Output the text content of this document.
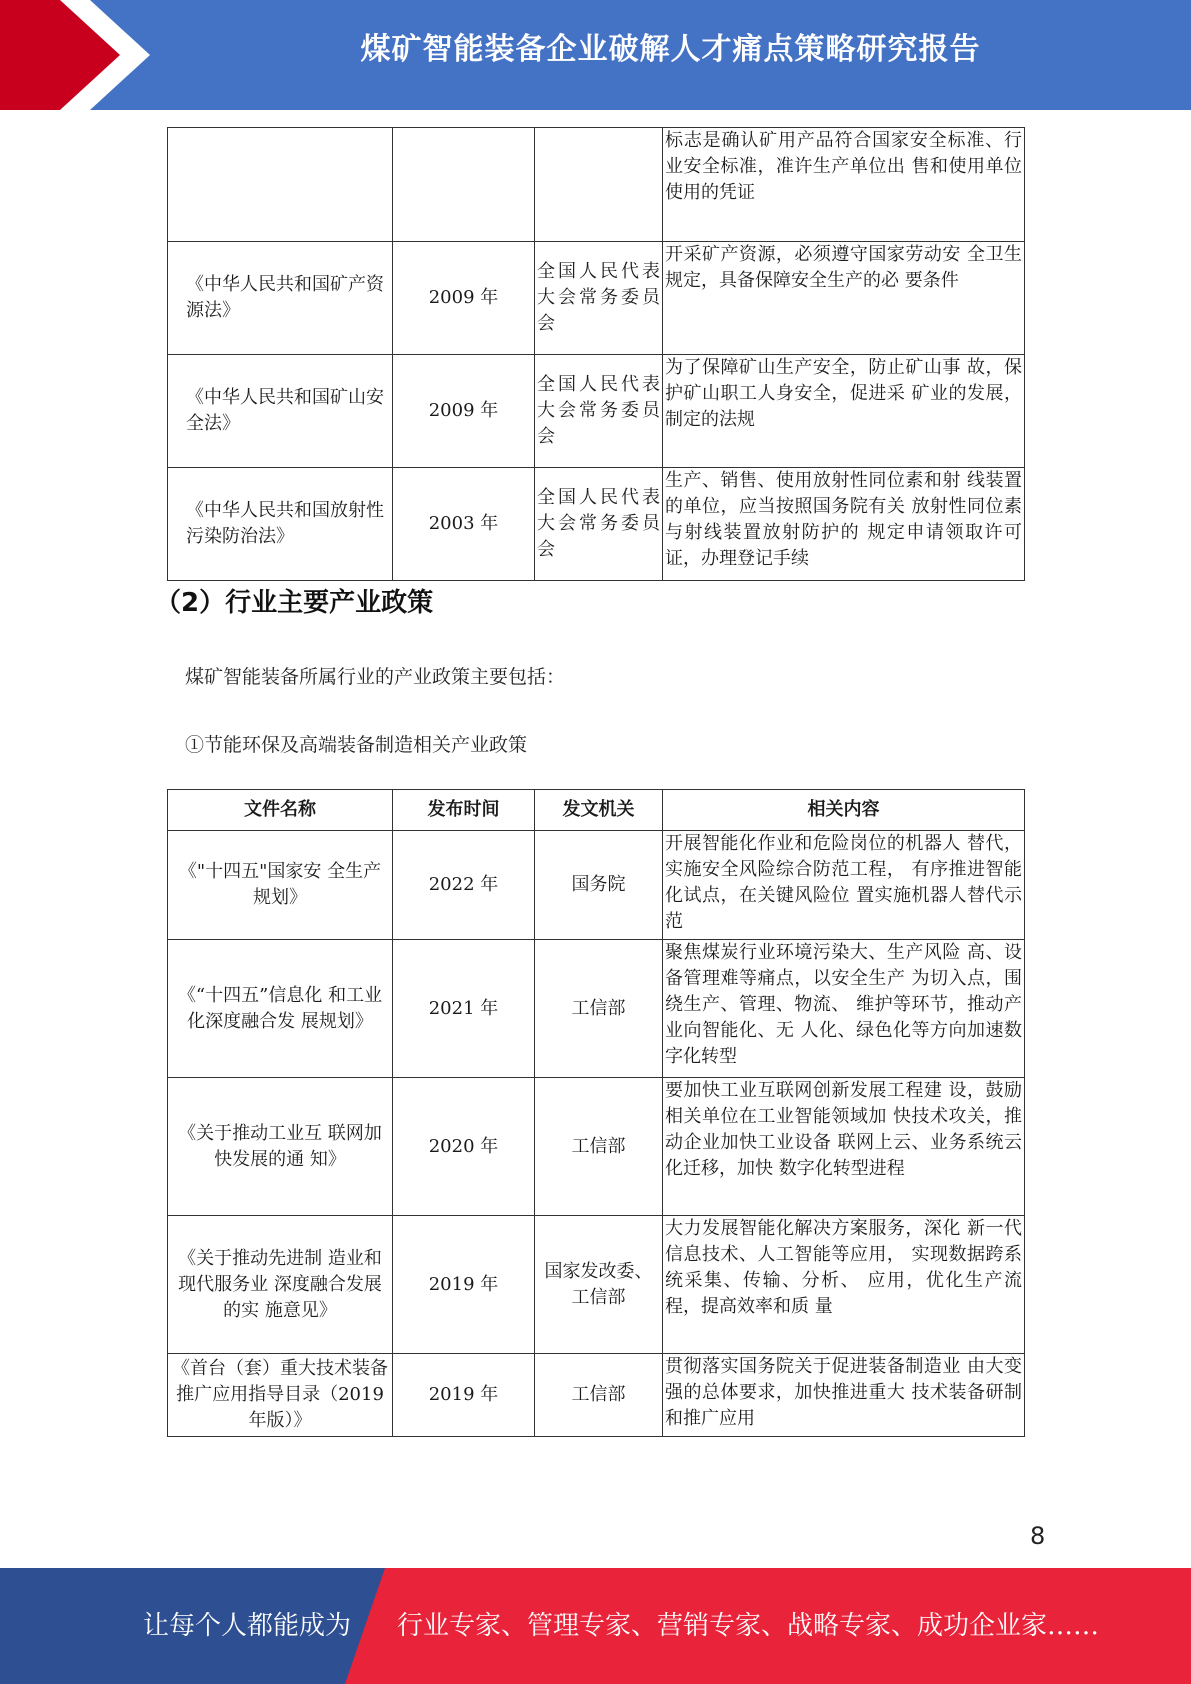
煤矿智能装备企业破解人才痛点策略研究报告
			标志是确认矿用产品符合国家安全标准、行业安全标准，准许生产单位出 售和使用单位使用的凭证
《中华人民共和国矿产资源法》	2009 年	全国人民代表大会常务委员会	开采矿产资源，必须遵守国家劳动安 全卫生规定，具备保障安全生产的必 要条件
《中华人民共和国矿山安全法》	2009 年	全国人民代表大会常务委员会	为了保障矿山生产安全，防止矿山事 故，保护矿山职工人身安全，促进采 矿业的发展，制定的法规
《中华人民共和国放射性污染防治法》	2003 年	全国人民代表大会常务委员会	生产、销售、使用放射性同位素和射 线装置的单位，应当按照国务院有关 放射性同位素与射线装置放射防护的 规定申请领取许可证，办理登记手续
（2）行业主要产业政策
煤矿智能装备所属行业的产业政策主要包括：
①节能环保及高端装备制造相关产业政策
文件名称	发布时间	发文机关	相关内容
《"十四五"国家安 全生产规划》	2022 年	国务院	开展智能化作业和危险岗位的机器人 替代，实施安全风险综合防范工程， 有序推进智能化试点，在关键风险位 置实施机器人替代示范
《“十四五”信息化 和工业化深度融合发 展规划》	2021 年	工信部	聚焦煤炭行业环境污染大、生产风险 高、设备管理难等痛点，以安全生产 为切入点，围绕生产、管理、物流、 维护等环节，推动产业向智能化、无 人化、绿色化等方向加速数字化转型
《关于推动工业互 联网加快发展的通 知》	2020 年	工信部	要加快工业互联网创新发展工程建 设，鼓励相关单位在工业智能领域加 快技术攻关，推动企业加快工业设备 联网上云、业务系统云化迁移，加快 数字化转型进程
《关于推动先进制 造业和现代服务业 深度融合发展的实 施意见》	2019 年	国家发改委、工信部	大力发展智能化解决方案服务，深化 新一代信息技术、人工智能等应用， 实现数据跨系统采集、传输、分析、 应用，优化生产流程，提高效率和质 量
《首台（套）重大技术装备推广应用指导目录（2019 年版）》	2019 年	工信部	贯彻落实国务院关于促进装备制造业 由大变强的总体要求，加快推进重大 技术装备研制和推广应用
8
让每个人都能成为 行业专家、管理专家、营销专家、战略专家、成功企业家……
